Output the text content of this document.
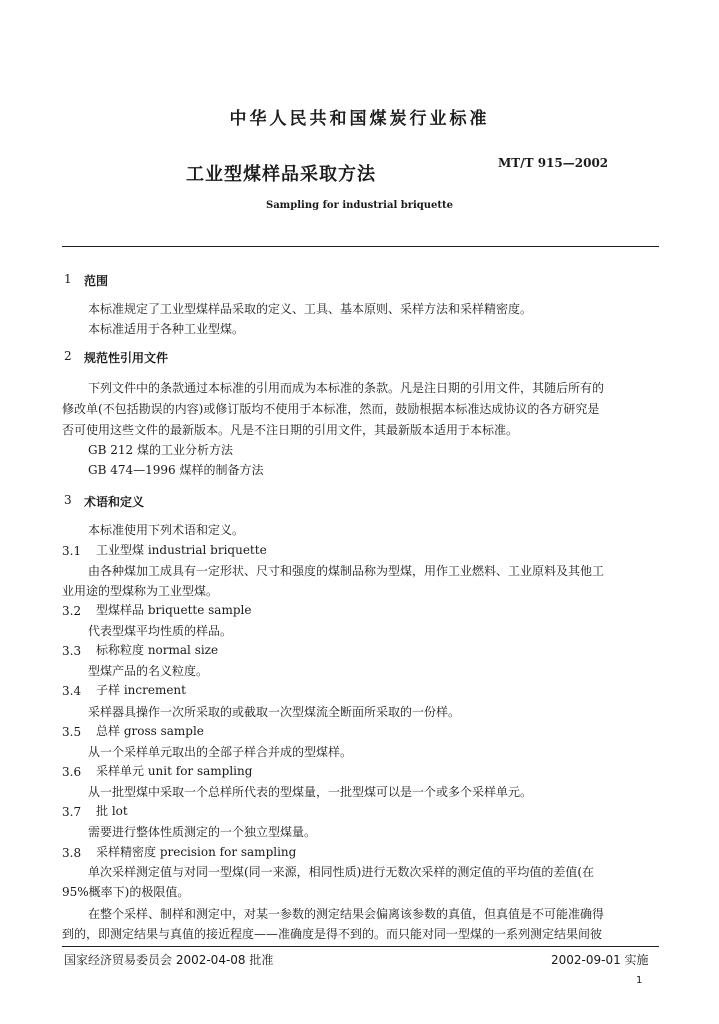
中华人民共和国煤炭行业标准
工业型煤样品采取方法
MT/T 915—2002
Sampling for industrial briquette
1 范围
本标准规定了工业型煤样品采取的定义、工具、基本原则、采样方法和采样精密度。
本标准适用于各种工业型煤。
2 规范性引用文件
下列文件中的条款通过本标准的引用而成为本标准的条款。凡是注日期的引用文件，其随后所有的
修改单(不包括勘误的内容)或修订版均不使用于本标准，然而，鼓励根据本标准达成协议的各方研究是
否可使用这些文件的最新版本。凡是不注日期的引用文件，其最新版本适用于本标准。
GB 212 煤的工业分析方法
GB 474—1996 煤样的制备方法
3 术语和定义
本标准使用下列术语和定义。
3.1 工业型煤 industrial briquette
由各种煤加工成具有一定形状、尺寸和强度的煤制品称为型煤，用作工业燃料、工业原料及其他工
业用途的型煤称为工业型煤。
3.2 型煤样品 briquette sample
代表型煤平均性质的样品。
3.3 标称粒度 normal size
型煤产品的名义粒度。
3.4 子样 increment
采样器具操作一次所采取的或截取一次型煤流全断面所采取的一份样。
3.5 总样 gross sample
从一个采样单元取出的全部子样合并成的型煤样。
3.6 采样单元 unit for sampling
从一批型煤中采取一个总样所代表的型煤量，一批型煤可以是一个或多个采样单元。
3.7 批 lot
需要进行整体性质测定的一个独立型煤量。
3.8 采样精密度 precision for sampling
单次采样测定值与对同一型煤(同一来源，相同性质)进行无数次采样的测定值的平均值的差值(在
95%概率下)的极限值。
在整个采样、制样和测定中，对某一参数的测定结果会偏离该参数的真值，但真值是不可能准确得
到的，即测定结果与真值的接近程度——准确度是得不到的。而只能对同一型煤的一系列测定结果间彼
国家经济贸易委员会 2002-04-08 批准	2002-09-01 实施
1
